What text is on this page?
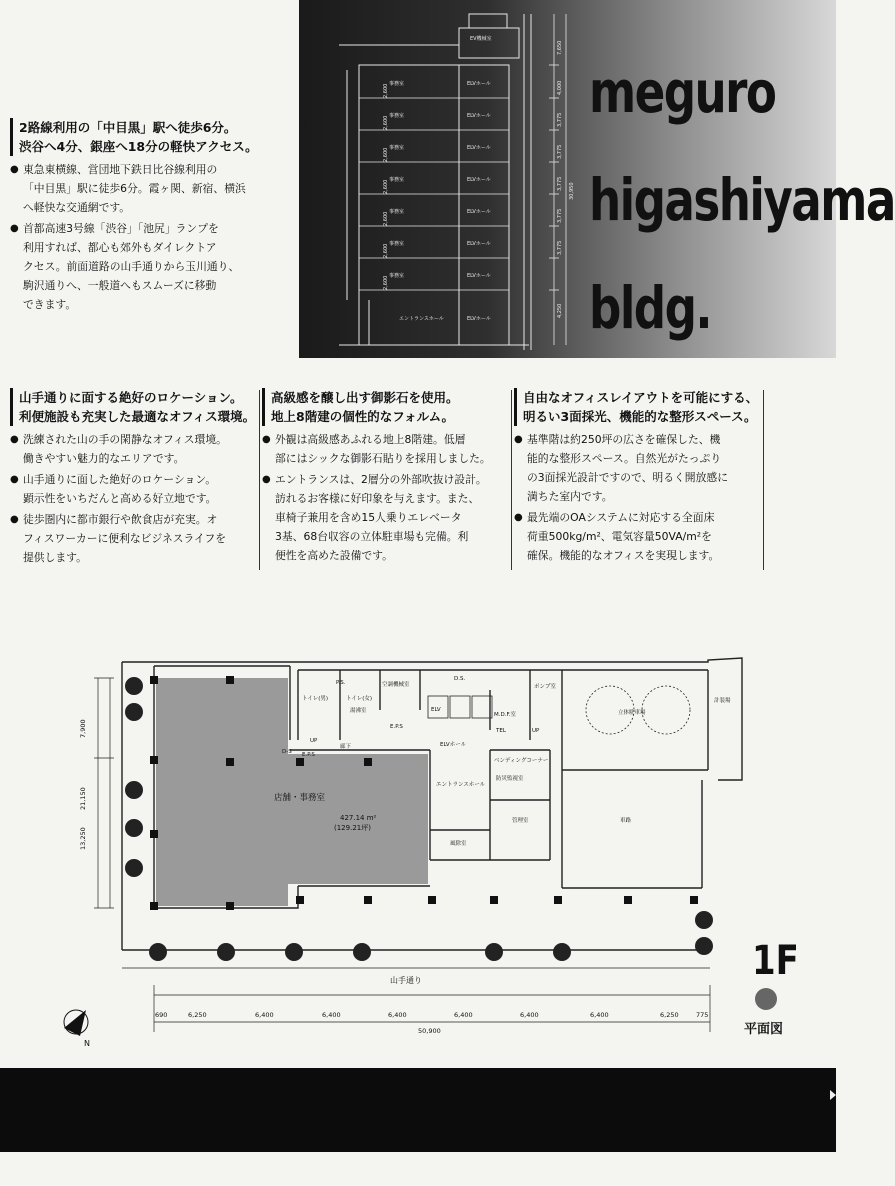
EV機械室
ELVホール
ELVホール
ELVホール
ELVホール
ELVホール
ELVホール
ELVホール
ELVホール
事務室
事務室
事務室
事務室
事務室
事務室
事務室
エントランスホール
2,600
2,600
2,600
2,600
2,600
2,600
2,600
7,650
4,000
3,775
3,775
3,775
3,775
3,775
4,250
30,950
meguro
higashiyama
bldg.
2路線利用の「中目黒」駅へ徒歩6分。
渋谷へ4分、銀座へ18分の軽快アクセス。
● 東急東横線、営団地下鉄日比谷線利用の
「中目黒」駅に徒歩6分。霞ヶ関、新宿、横浜
へ軽快な交通網です。
● 首都高速3号線「渋谷」「池尻」ランプを
利用すれば、都心も郊外もダイレクトア
クセス。前面道路の山手通りから玉川通り、
駒沢通りへ、一般道へもスムーズに移動
できます。
山手通りに面する絶好のロケーション。
利便施設も充実した最適なオフィス環境。
● 洗練された山の手の閑静なオフィス環境。
働きやすい魅力的なエリアです。
● 山手通りに面した絶好のロケーション。
顕示性をいちだんと高める好立地です。
● 徒歩圏内に都市銀行や飲食店が充実。オ
フィスワーカーに便利なビジネスライフを
提供します。
高級感を醸し出す御影石を使用。
地上8階建の個性的なフォルム。
● 外観は高級感あふれる地上8階建。低層
部にはシックな御影石貼りを採用しました。
● エントランスは、2層分の外部吹抜け設計。
訪れるお客様に好印象を与えます。また、
車椅子兼用を含め15人乗りエレベータ
3基、68台収容の立体駐車場も完備。利
便性を高めた設備です。
自由なオフィスレイアウトを可能にする、
明るい3面採光、機能的な整形スペース。
● 基準階は約250坪の広さを確保した、機
能的な整形スペース。自然光がたっぷり
の3面採光設計ですので、明るく開放感に
満ちた室内です。
● 最先端のOAシステムに対応する全面床
荷重500kg/m²、電気容量50VA/m²を
確保。機能的なオフィスを実現します。
7,900
21,150
13,250
690	6,250	6,400	6,400	6,400	6,400	6,400	6,400	6,250	775
50,900
P.S.
トイレ(男)	トイレ(女)
空調機械室
D.S.
ポンプ室
立体駐車場
計装場
M.D.F.室
ELV
ELVホール
E.P.S
E.P.S
廊下
エントランスホール
防災監視室
管理室
風除室
車路
TEL
UP
UP
D-S
ベンディングコーナー
湯沸室
店舗・事務室
427.14 m²
(129.21坪)
山手通り
N
1F
平面図
